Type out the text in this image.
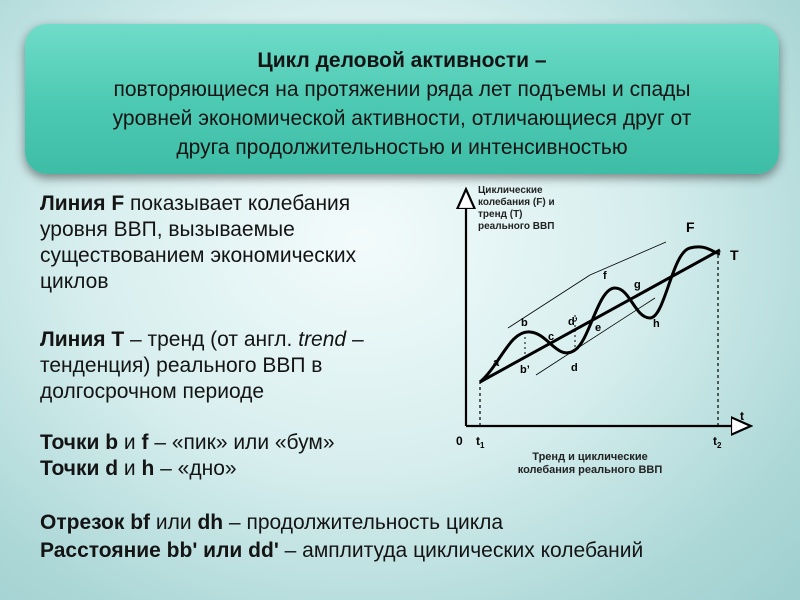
Цикл деловой активности –
повторяющиеся на протяжении ряда лет подъемы и спады
уровней экономической активности, отличающиеся друг от
друга продолжительностью и интенсивностью
Линия F показывает колебания
уровня ВВП, вызываемые
существованием экономических
циклов
Линия Т – тренд (от англ. trend –
тенденция) реального ВВП в
долгосрочном периоде
Точки b и f – «пик» или «бум»
Точки d и h – «дно»
Отрезок bf или dh – продолжительность цикла
Расстояние bb' или dd' – амплитуда циклических колебаний
Циклические
колебания (F) и
тренд (Т)
реального ВВП	F
T
a
b
b’
c
d
d’ e
f
g
h
t
0 $t_1$	$t_2$
Тренд и циклические
колебания реального ВВП
